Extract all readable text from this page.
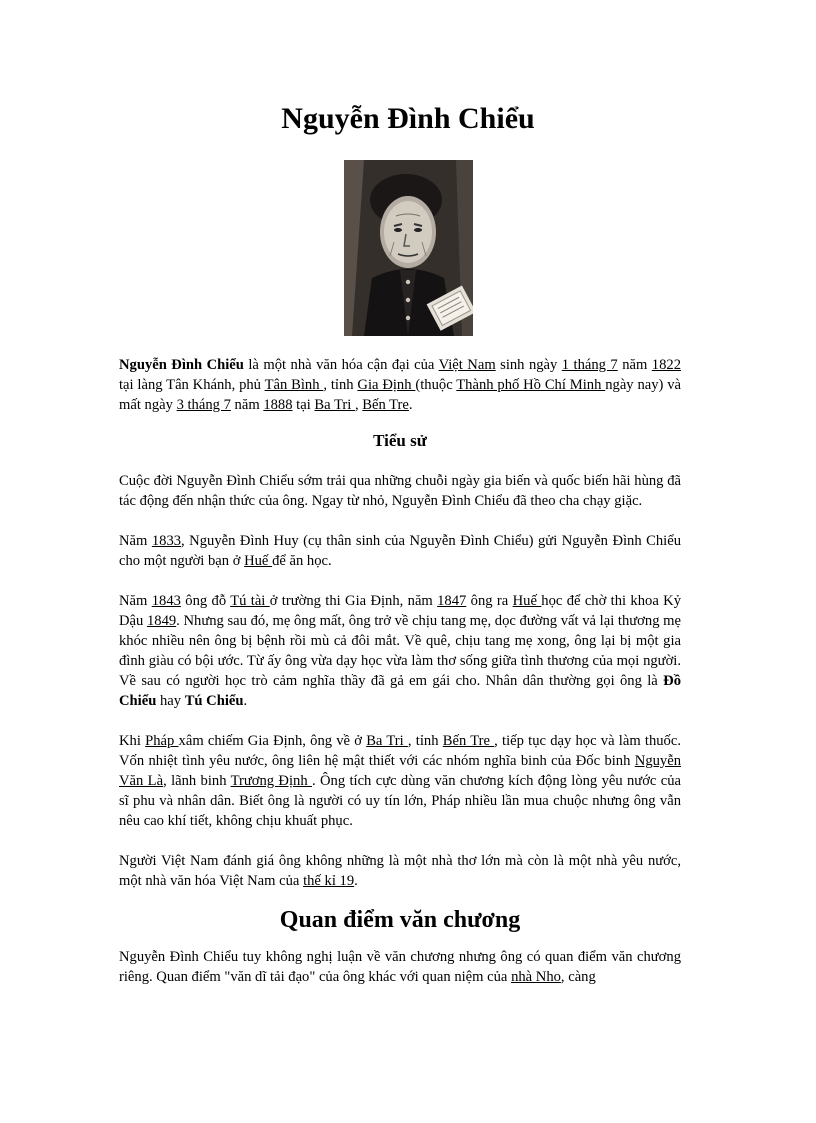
Nguyễn Đình Chiểu

Nguyễn Đình Chiểu là một nhà văn hóa cận đại của Việt Nam sinh ngày 1 tháng 7 năm 1822 tại làng Tân Khánh, phủ Tân Bình , tỉnh Gia Định (thuộc Thành phố Hồ Chí Minh ngày nay) và mất ngày 3 tháng 7 năm 1888 tại Ba Tri , Bến Tre.

Tiểu sử

Cuộc đời Nguyễn Đình Chiểu sớm trải qua những chuỗi ngày gia biến và quốc biến hãi hùng đã tác động đến nhận thức của ông. Ngay từ nhỏ, Nguyễn Đình Chiểu đã theo cha chạy giặc.

Năm 1833, Nguyễn Đình Huy (cụ thân sinh của Nguyễn Đình Chiểu) gửi Nguyễn Đình Chiểu cho một người bạn ở Huế để ăn học.

Năm 1843 ông đỗ Tú tài ở trường thi Gia Định, năm 1847 ông ra Huế học để chờ thi khoa Kỷ Dậu 1849. Nhưng sau đó, mẹ ông mất, ông trở về chịu tang mẹ, dọc đường vất vả lại thương mẹ khóc nhiều nên ông bị bệnh rồi mù cả đôi mắt. Về quê, chịu tang mẹ xong, ông lại bị một gia đình giàu có bội ước. Từ ấy ông vừa dạy học vừa làm thơ sống giữa tình thương của mọi người. Về sau có người học trò cảm nghĩa thầy đã gả em gái cho. Nhân dân thường gọi ông là Đồ Chiểu hay Tú Chiểu.

Khi Pháp xâm chiếm Gia Định, ông về ở Ba Tri , tỉnh Bến Tre , tiếp tục dạy học và làm thuốc. Vốn nhiệt tình yêu nước, ông liên hệ mật thiết với các nhóm nghĩa binh của Đốc binh Nguyễn Văn Là, lãnh binh Trương Định . Ông tích cực dùng văn chương kích động lòng yêu nước của sĩ phu và nhân dân. Biết ông là người có uy tín lớn, Pháp nhiều lần mua chuộc nhưng ông vẫn nêu cao khí tiết, không chịu khuất phục.

Người Việt Nam đánh giá ông không những là một nhà thơ lớn mà còn là một nhà yêu nước, một nhà văn hóa Việt Nam của thế kỉ 19.

Quan điểm văn chương

Nguyễn Đình Chiểu tuy không nghị luận về văn chương nhưng ông có quan điểm văn chương riêng. Quan điểm "văn dĩ tải đạo" của ông khác với quan niệm của nhà Nho, càng
